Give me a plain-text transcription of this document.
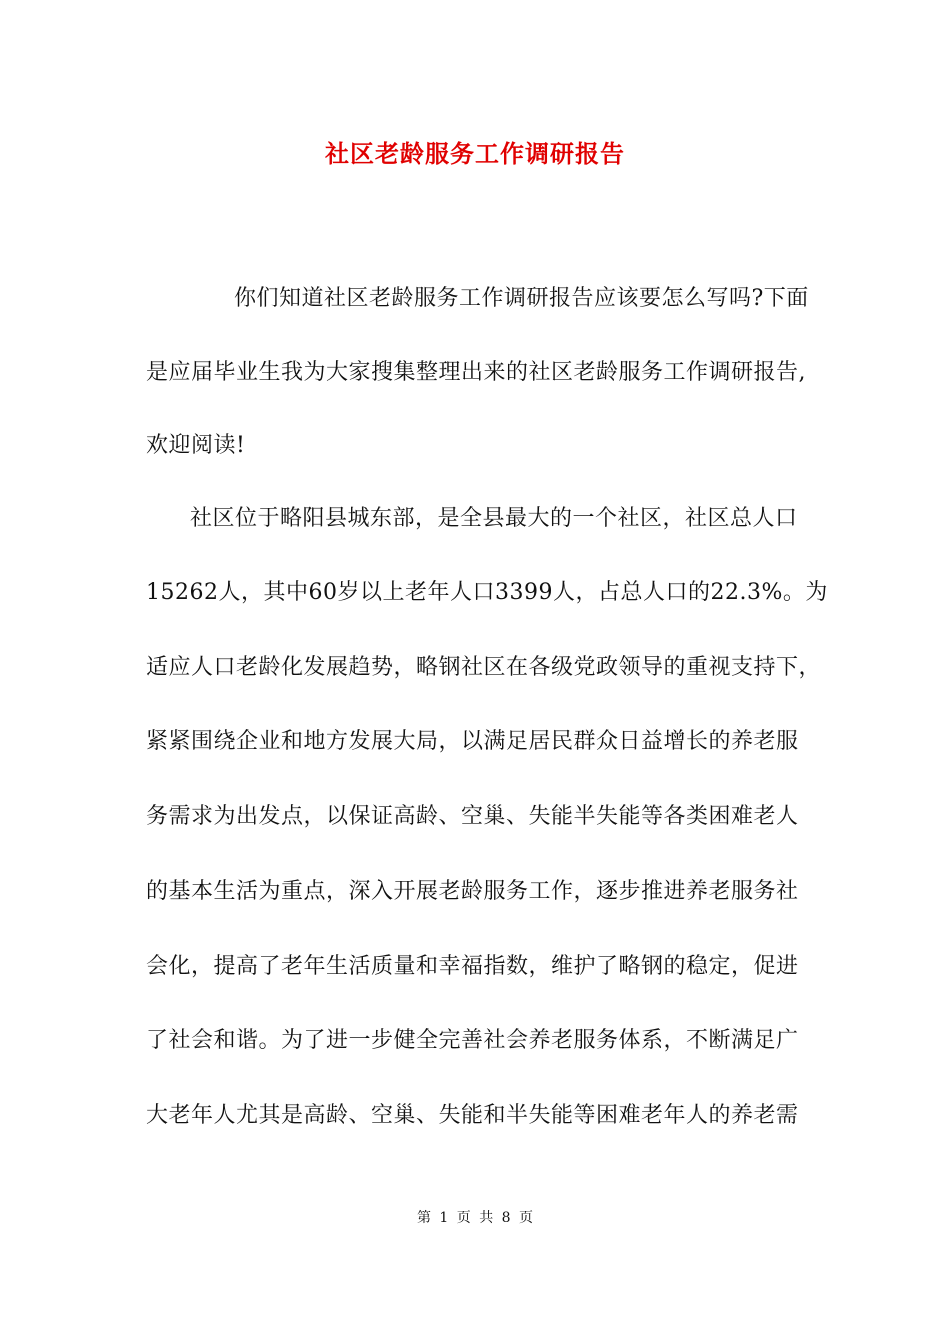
社区老龄服务工作调研报告
你们知道社区老龄服务工作调研报告应该要怎么写吗?下面
是应届毕业生我为大家搜集整理出来的社区老龄服务工作调研报告,
欢迎阅读!
社区位于略阳县城东部，是全县最大的一个社区，社区总人口
15262人，其中60岁以上老年人口3399人，占总人口的22.3%。为
适应人口老龄化发展趋势，略钢社区在各级党政领导的重视支持下，
紧紧围绕企业和地方发展大局，以满足居民群众日益增长的养老服
务需求为出发点，以保证高龄、空巢、失能半失能等各类困难老人
的基本生活为重点，深入开展老龄服务工作，逐步推进养老服务社
会化，提高了老年生活质量和幸福指数，维护了略钢的稳定，促进
了社会和谐。为了进一步健全完善社会养老服务体系，不断满足广
大老年人尤其是高龄、空巢、失能和半失能等困难老年人的养老需
第 1 页 共 8 页
